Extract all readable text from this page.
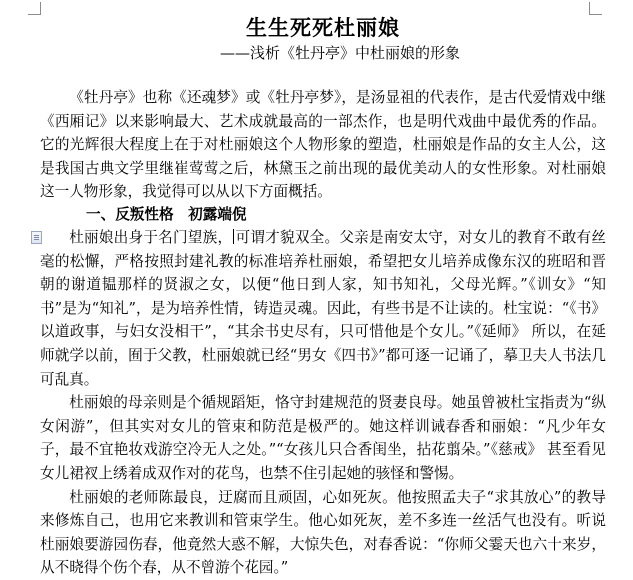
生生死死杜丽娘

——浅析《牡丹亭》中杜丽娘的形象

《牡丹亭》也称《还魂梦》或《牡丹亭梦》，是汤显祖的代表作，是古代爱情戏中继《西厢记》以来影响最大、艺术成就最高的一部杰作，也是明代戏曲中最优秀的作品。它的光辉很大程度上在于对杜丽娘这个人物形象的塑造，杜丽娘是作品的女主人公，这是我国古典文学里继崔莺莺之后，林黛玉之前出现的最优美动人的女性形象。对杜丽娘这一人物形象，我觉得可以从以下方面概括。

一、反叛性格　初露端倪

杜丽娘出身于名门望族， 可谓才貌双全。父亲是南安太守，对女儿的教育不敢有丝毫的松懈，严格按照封建礼教的标准培养杜丽娘，希望把女儿培养成像东汉的班昭和晋朝的谢道韫那样的贤淑之女，以便“他日到人家，知书知礼，父母光辉。”《训女》“知书”是为“知礼”，是为培养性情，铸造灵魂。因此，有些书是不让读的。杜宝说：“《书》以道政事，与妇女没相干”，“其余书史尽有，只可惜他是个女儿。”《延师》 所以，在延师就学以前，囿于父教，杜丽娘就已经“男女《四书》”都可逐一记诵了，摹卫夫人书法几可乱真。

杜丽娘的母亲则是个循规蹈矩，恪守封建规范的贤妻良母。她虽曾被杜宝指责为“纵女闲游”，但其实对女儿的管束和防范是极严的。她这样训诫春香和丽娘：“凡少年女子，最不宜艳妆戏游空冷无人之处。”“女孩儿只合香闺坐，拈花翦朵。”《慈戒》 甚至看见女儿裙衩上绣着成双作对的花鸟，也禁不住引起她的骇怪和警惕。

杜丽娘的老师陈最良，迂腐而且顽固，心如死灰。他按照孟夫子“求其放心”的教导来修炼自己，也用它来教训和管束学生。他心如死灰，差不多连一丝活气也没有。听说杜丽娘要游园伤春，他竟然大惑不解，大惊失色，对春香说：“你师父霎天也六十来岁，从不晓得个伤个春，从不曾游个花园。”
